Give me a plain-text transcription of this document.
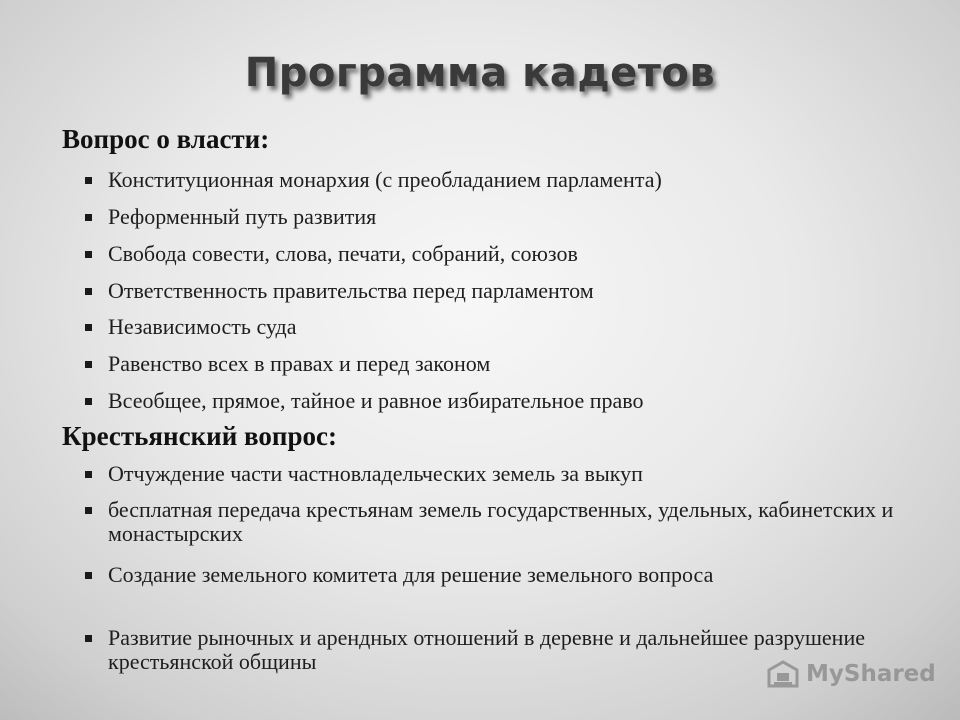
Программа кадетов
Вопрос о власти:
Конституционная монархия (с преобладанием парламента)
Реформенный путь развития
Свобода совести, слова, печати, собраний, союзов
Ответственность правительства перед парламентом
Независимость суда
Равенство всех в правах и перед законом
Всеобщее, прямое, тайное и равное избирательное право
Крестьянский вопрос:
Отчуждение части частновладельческих земель за выкуп
бесплатная передача крестьянам земель государственных, удельных, кабинетских и монастырских
Создание земельного комитета для решение земельного вопроса
Развитие рыночных и арендных отношений в деревне и дальнейшее разрушение крестьянской общины	MyShared
